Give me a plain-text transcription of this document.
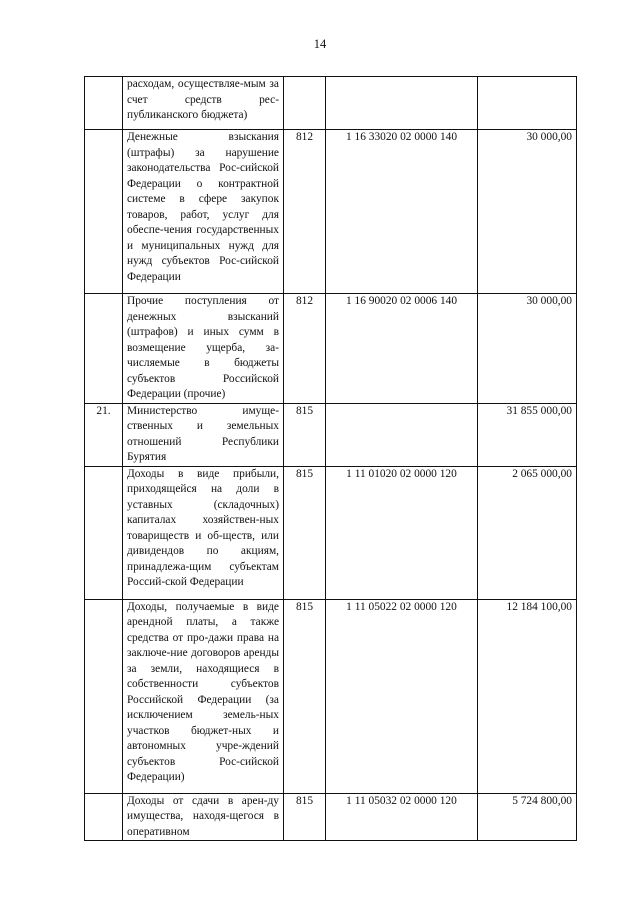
14
	расходам, осуществляе-мым за счет средств рес-публиканского бюджета)			
	Денежные взыскания (штрафы) за нарушение законодательства Рос-сийской Федерации о контрактной системе в сфере закупок товаров, работ, услуг для обеспе-чения государственных и муниципальных нужд для нужд субъектов Рос-сийской Федерации	812	1 16 33020 02 0000 140	30 000,00
	Прочие поступления от денежных взысканий (штрафов) и иных сумм в возмещение ущерба, за-числяемые в бюджеты субъектов Российской Федерации (прочие)	812	1 16 90020 02 0006 140	30 000,00
21.	Министерство имуще-ственных и земельных отношений Республики Бурятия	815		31 855 000,00
	Доходы в виде прибыли, приходящейся на доли в уставных (складочных) капиталах хозяйствен-ных товариществ и об-ществ, или дивидендов по акциям, принадлежа-щим субъектам Россий-ской Федерации	815	1 11 01020 02 0000 120	2 065 000,00
	Доходы, получаемые в виде арендной платы, а также средства от про-дажи права на заключе-ние договоров аренды за земли, находящиеся в собственности субъектов Российской Федерации (за исключением земель-ных участков бюджет-ных и автономных учре-ждений субъектов Рос-сийской Федерации)	815	1 11 05022 02 0000 120	12 184 100,00
	Доходы от сдачи в арен-ду имущества, находя-щегося в оперативном	815	1 11 05032 02 0000 120	5 724 800,00
